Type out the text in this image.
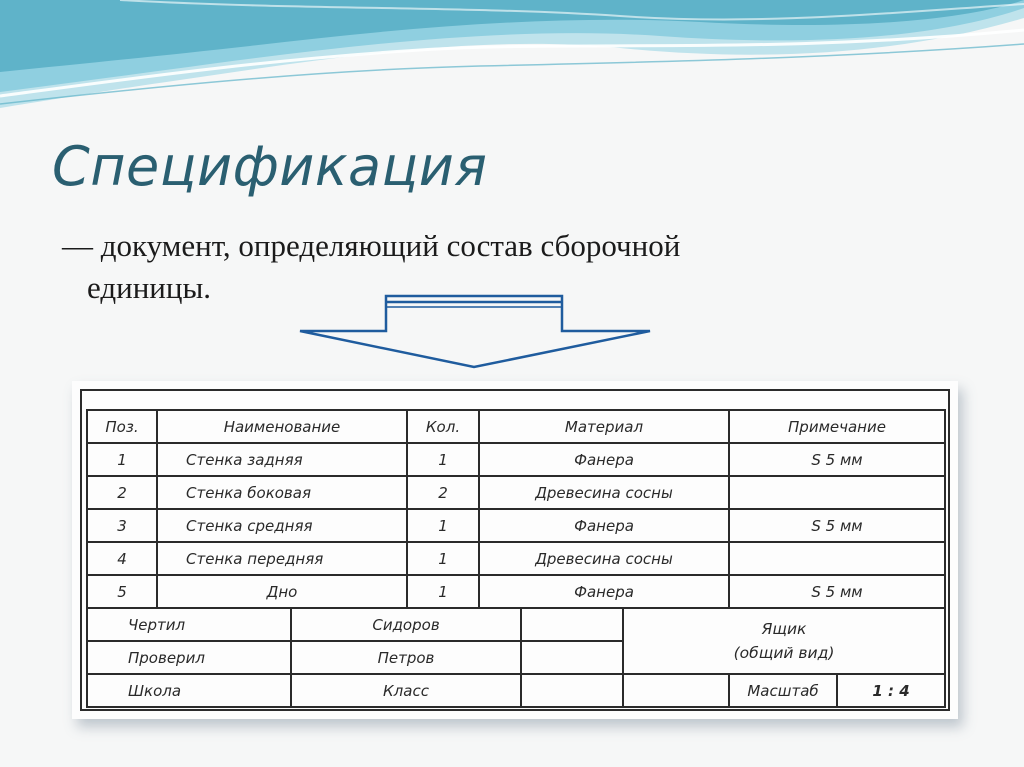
Спецификация
— документ, определяющий состав сборочной
единицы.
Поз.	Наименование	Кол.	Материал	Примечание
1	Стенка задняя	1	Фанера	S 5 мм
2	Стенка боковая	2	Древесина сосны	
3	Стенка средняя	1	Фанера	S 5 мм
4	Стенка передняя	1	Древесина сосны	
5	Дно	1	Фанера	S 5 мм
Чертил	Сидоров		Ящик
(общий вид)		

Проверил	Петров				
Школа	Класс			Масштаб	1 : 4
